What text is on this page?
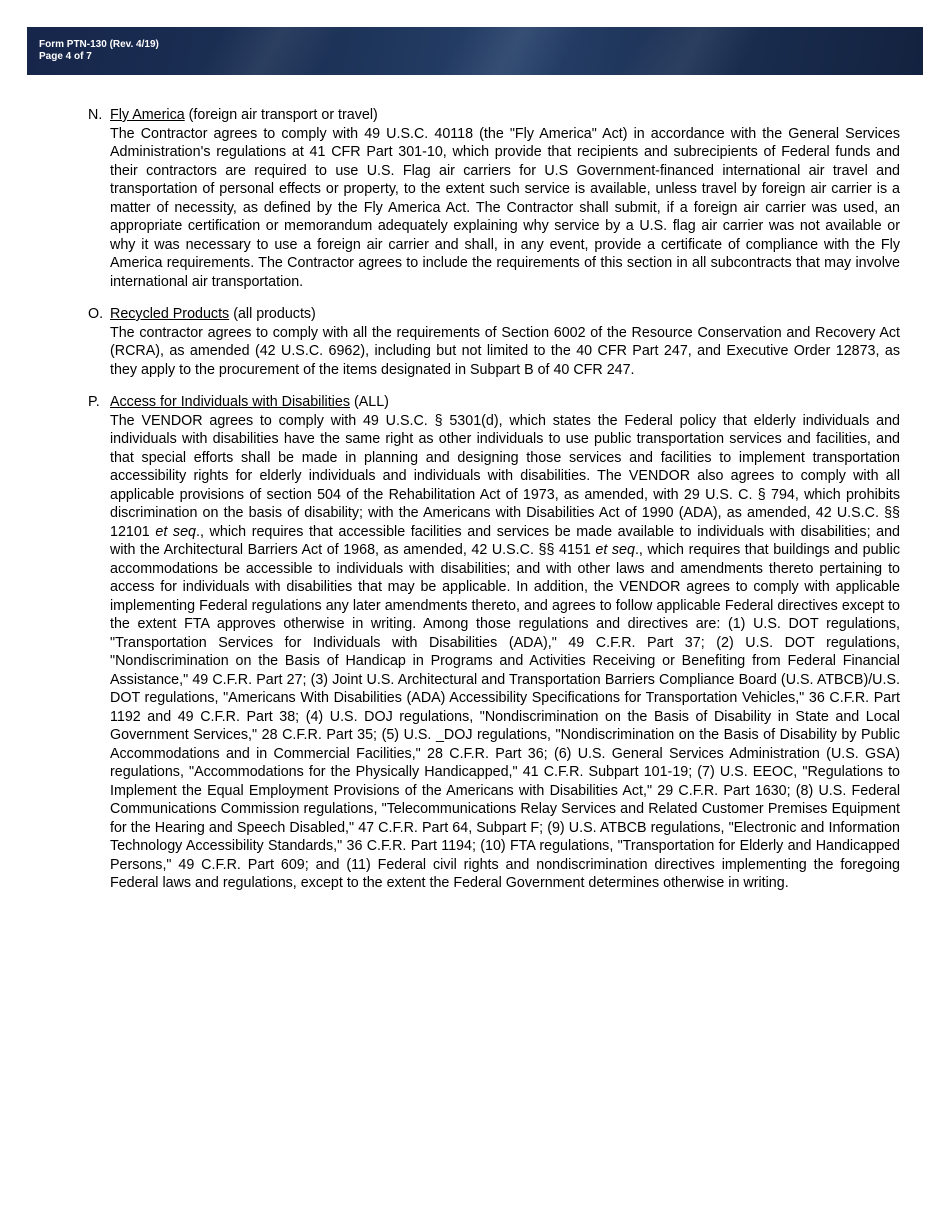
Form PTN-130 (Rev. 4/19)
Page 4 of 7
N. Fly America (foreign air transport or travel)
The Contractor agrees to comply with 49 U.S.C. 40118 (the "Fly America" Act) in accordance with the General Services Administration's regulations at 41 CFR Part 301-10, which provide that recipients and subrecipients of Federal funds and their contractors are required to use U.S. Flag air carriers for U.S Government-financed international air travel and transportation of personal effects or property, to the extent such service is available, unless travel by foreign air carrier is a matter of necessity, as defined by the Fly America Act. The Contractor shall submit, if a foreign air carrier was used, an appropriate certification or memorandum adequately explaining why service by a U.S. flag air carrier was not available or why it was necessary to use a foreign air carrier and shall, in any event, provide a certificate of compliance with the Fly America requirements. The Contractor agrees to include the requirements of this section in all subcontracts that may involve international air transportation.
O. Recycled Products (all products)
The contractor agrees to comply with all the requirements of Section 6002 of the Resource Conservation and Recovery Act (RCRA), as amended (42 U.S.C. 6962), including but not limited to the 40 CFR Part 247, and Executive Order 12873, as they apply to the procurement of the items designated in Subpart B of 40 CFR 247.
P. Access for Individuals with Disabilities (ALL)
The VENDOR agrees to comply with 49 U.S.C. § 5301(d), which states the Federal policy that elderly individuals and individuals with disabilities have the same right as other individuals to use public transportation services and facilities, and that special efforts shall be made in planning and designing those services and facilities to implement transportation accessibility rights for elderly individuals and individuals with disabilities. The VENDOR also agrees to comply with all applicable provisions of section 504 of the Rehabilitation Act of 1973, as amended, with 29 U.S. C. § 794, which prohibits discrimination on the basis of disability; with the Americans with Disabilities Act of 1990 (ADA), as amended, 42 U.S.C. §§ 12101 et seq., which requires that accessible facilities and services be made available to individuals with disabilities; and with the Architectural Barriers Act of 1968, as amended, 42 U.S.C. §§ 4151 et seq., which requires that buildings and public accommodations be accessible to individuals with disabilities; and with other laws and amendments thereto pertaining to access for individuals with disabilities that may be applicable. In addition, the VENDOR agrees to comply with applicable implementing Federal regulations any later amendments thereto, and agrees to follow applicable Federal directives except to the extent FTA approves otherwise in writing. Among those regulations and directives are: (1) U.S. DOT regulations, "Transportation Services for Individuals with Disabilities (ADA)," 49 C.F.R. Part 37; (2) U.S. DOT regulations, "Nondiscrimination on the Basis of Handicap in Programs and Activities Receiving or Benefiting from Federal Financial Assistance," 49 C.F.R. Part 27; (3) Joint U.S. Architectural and Transportation Barriers Compliance Board (U.S. ATBCB)/U.S. DOT regulations, "Americans With Disabilities (ADA) Accessibility Specifications for Transportation Vehicles," 36 C.F.R. Part 1192 and 49 C.F.R. Part 38; (4) U.S. DOJ regulations, "Nondiscrimination on the Basis of Disability in State and Local Government Services," 28 C.F.R. Part 35; (5) U.S. _DOJ regulations, "Nondiscrimination on the Basis of Disability by Public Accommodations and in Commercial Facilities," 28 C.F.R. Part 36; (6) U.S. General Services Administration (U.S. GSA) regulations, "Accommodations for the Physically Handicapped," 41 C.F.R. Subpart 101-19; (7) U.S. EEOC, "Regulations to Implement the Equal Employment Provisions of the Americans with Disabilities Act," 29 C.F.R. Part 1630; (8) U.S. Federal Communications Commission regulations, "Telecommunications Relay Services and Related Customer Premises Equipment for the Hearing and Speech Disabled," 47 C.F.R. Part 64, Subpart F; (9) U.S. ATBCB regulations, "Electronic and Information Technology Accessibility Standards," 36 C.F.R. Part 1194; (10) FTA regulations, "Transportation for Elderly and Handicapped Persons," 49 C.F.R. Part 609; and (11) Federal civil rights and nondiscrimination directives implementing the foregoing Federal laws and regulations, except to the extent the Federal Government determines otherwise in writing.
